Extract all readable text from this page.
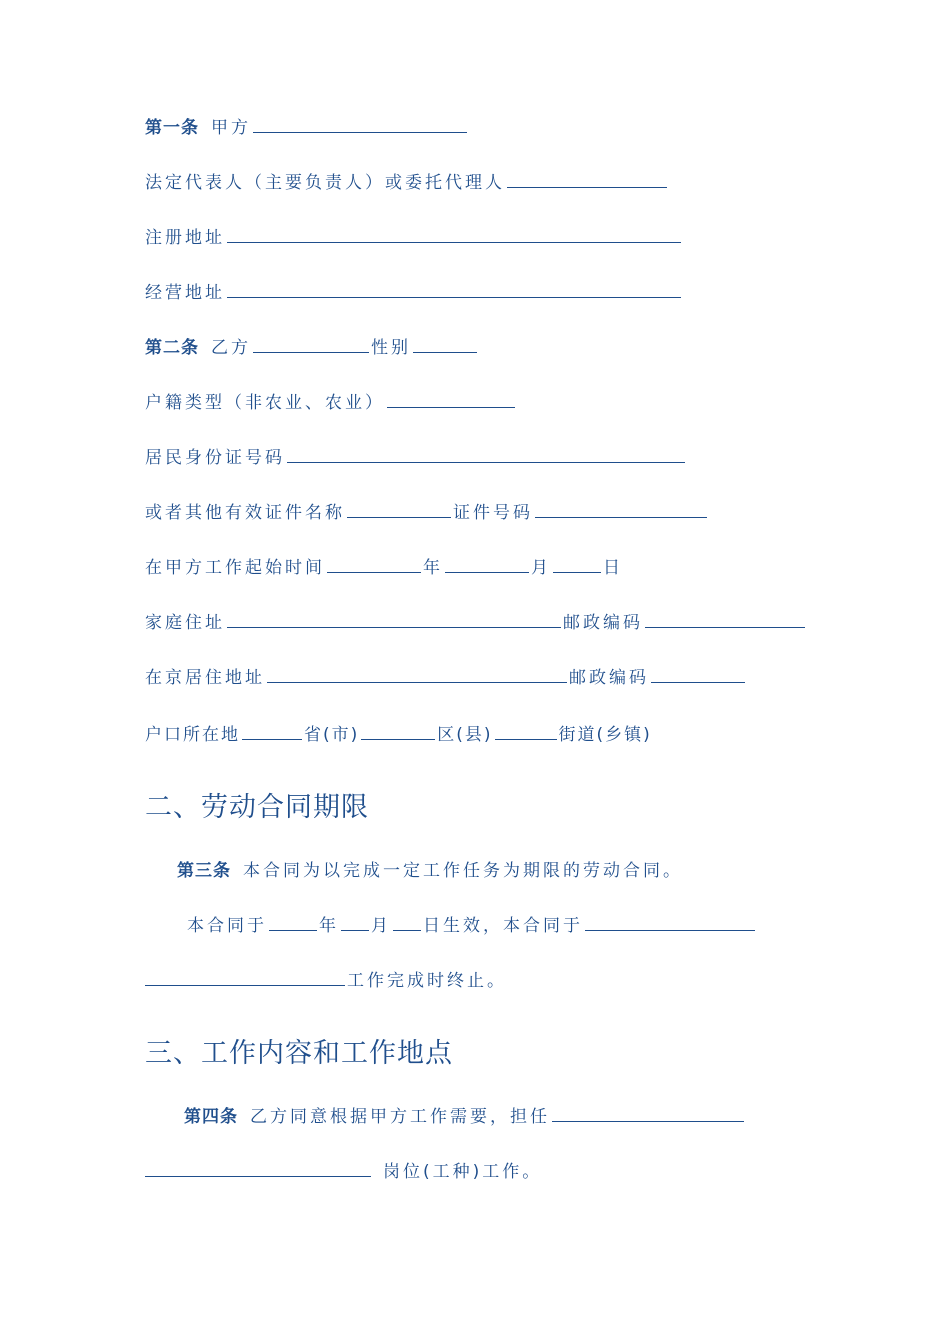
第一条 甲方
法定代表人（主要负责人）或委托代理人
注册地址
经营地址
第二条 乙方	性别
户籍类型（非农业、农业）
居民身份证号码
或者其他有效证件名称	证件号码
在甲方工作起始时间	年	月	日
家庭住址	邮政编码
在京居住地址	邮政编码
户口所在地	省(市)	区(县)	街道(乡镇)
二、劳动合同期限
第三条 本合同为以完成一定工作任务为期限的劳动合同。
本合同于	年 月 日生效，本合同于
工作完成时终止。
三、工作内容和工作地点
第四条 乙方同意根据甲方工作需要，担任
岗位(工种)工作。
